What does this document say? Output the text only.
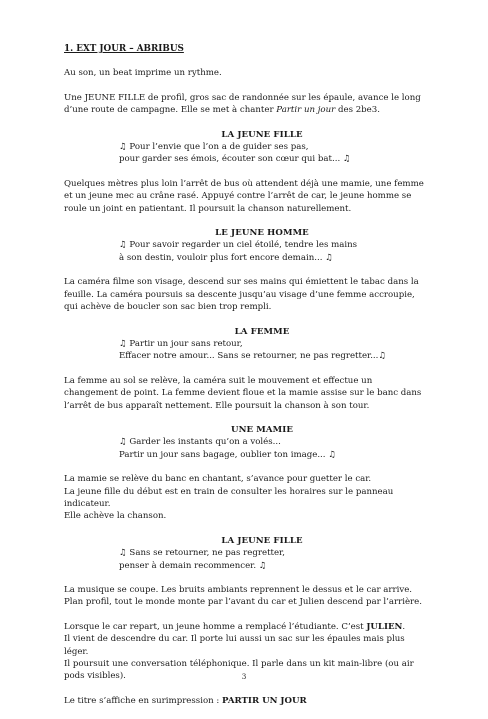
1. EXT JOUR – ABRIBUS

Au son, un beat imprime un rythme.

Une JEUNE FILLE de profil, gros sac de randonnée sur les épaule, avance le long d’une route de campagne. Elle se met à chanter Partir un jour des 2be3.

LA JEUNE FILLE

♫ Pour l’envie que l’on a de guider ses pas,
pour garder ses émois, écouter son cœur qui bat... ♫

Quelques mètres plus loin l’arrêt de bus où attendent déjà une mamie, une femme et un jeune mec au crâne rasé. Appuyé contre l’arrêt de car, le jeune homme se roule un joint en patientant. Il poursuit la chanson naturellement.

LE JEUNE HOMME

♫ Pour savoir regarder un ciel étoilé, tendre les mains
à son destin, vouloir plus fort encore demain... ♫

La caméra filme son visage, descend sur ses mains qui émiettent le tabac dans la feuille. La caméra poursuis sa descente jusqu’au visage d’une femme accroupie, qui achève de boucler son sac bien trop rempli.

LA FEMME

♫ Partir un jour sans retour,
Effacer notre amour... Sans se retourner, ne pas regretter...♫

La femme au sol se relève, la caméra suit le mouvement et effectue un changement de point. La femme devient floue et la mamie assise sur le banc dans l’arrêt de bus apparaît nettement. Elle poursuit la chanson à son tour.

UNE MAMIE

♫ Garder les instants qu’on a volés...
Partir un jour sans bagage, oublier ton image... ♫

La mamie se relève du banc en chantant, s’avance pour guetter le car.
La jeune fille du début est en train de consulter les horaires sur le panneau indicateur.
Elle achève la chanson.

LA JEUNE FILLE

♫ Sans se retourner, ne pas regretter,
penser à demain recommencer. ♫

La musique se coupe. Les bruits ambiants reprennent le dessus et le car arrive.
Plan profil, tout le monde monte par l’avant du car et Julien descend par l’arrière.

Lorsque le car repart, un jeune homme a remplacé l’étudiante. C’est JULIEN.
Il vient de descendre du car. Il porte lui aussi un sac sur les épaules mais plus léger.
Il poursuit une conversation téléphonique. Il parle dans un kit main-libre (ou air pods visibles).

Le titre s’affiche en surimpression : PARTIR UN JOUR

3
